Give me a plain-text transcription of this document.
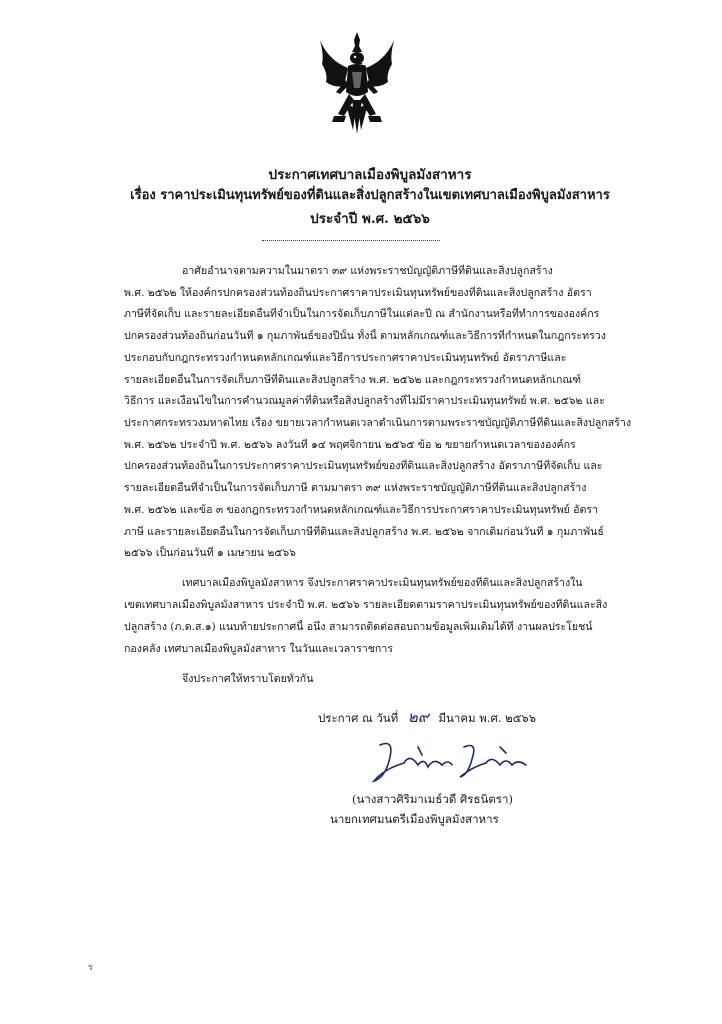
ประกาศเทศบาลเมืองพิบูลมังสาหาร
เรื่อง ราคาประเมินทุนทรัพย์ของที่ดินและสิ่งปลูกสร้างในเขตเทศบาลเมืองพิบูลมังสาหาร
ประจำปี พ.ศ. ๒๕๖๖
อาศัยอำนาจตามความในมาตรา ๓๙ แห่งพระราชบัญญัติภาษีที่ดินและสิ่งปลูกสร้าง
พ.ศ. ๒๕๖๒ ให้องค์กรปกครองส่วนท้องถิ่นประกาศราคาประเมินทุนทรัพย์ของที่ดินและสิ่งปลูกสร้าง อัตรา
ภาษีที่จัดเก็บ และรายละเอียดอื่นที่จำเป็นในการจัดเก็บภาษีในแต่ละปี ณ สำนักงานหรือที่ทำการขององค์กร
ปกครองส่วนท้องถิ่นก่อนวันที่ ๑ กุมภาพันธ์ของปีนั้น ทั้งนี้ ตามหลักเกณฑ์และวิธีการที่กำหนดในกฎกระทรวง
ประกอบกับกฎกระทรวงกำหนดหลักเกณฑ์และวิธีการประกาศราคาประเมินทุนทรัพย์ อัตราภาษีและ
รายละเอียดอื่นในการจัดเก็บภาษีที่ดินและสิ่งปลูกสร้าง พ.ศ. ๒๕๖๒ และกฎกระทรวงกำหนดหลักเกณฑ์
วิธีการ และเงื่อนไขในการคำนวณมูลค่าที่ดินหรือสิ่งปลูกสร้างที่ไม่มีราคาประเมินทุนทรัพย์ พ.ศ. ๒๕๖๒ และ
ประกาศกระทรวงมหาดไทย เรื่อง ขยายเวลากำหนดเวลาดำเนินการตามพระราชบัญญัติภาษีที่ดินและสิ่งปลูกสร้าง
พ.ศ. ๒๕๖๒ ประจำปี พ.ศ. ๒๕๖๖ ลงวันที่ ๑๔ พฤศจิกายน ๒๕๖๕ ข้อ ๒ ขยายกำหนดเวลาขององค์กร
ปกครองส่วนท้องถิ่นในการประกาศราคาประเมินทุนทรัพย์ของที่ดินและสิ่งปลูกสร้าง อัตราภาษีที่จัดเก็บ และ
รายละเอียดอื่นที่จำเป็นในการจัดเก็บภาษี ตามมาตรา ๓๙ แห่งพระราชบัญญัติภาษีที่ดินและสิ่งปลูกสร้าง
พ.ศ. ๒๕๖๒ และข้อ ๓ ของกฎกระทรวงกำหนดหลักเกณฑ์และวิธีการประกาศราคาประเมินทุนทรัพย์ อัตรา
ภาษี และรายละเอียดอื่นในการจัดเก็บภาษีที่ดินและสิ่งปลูกสร้าง พ.ศ. ๒๕๖๒ จากเดิมก่อนวันที่ ๑ กุมภาพันธ์
๒๕๖๖ เป็นก่อนวันที่ ๑ เมษายน ๒๕๖๖
เทศบาลเมืองพิบูลมังสาหาร จึงประกาศราคาประเมินทุนทรัพย์ของที่ดินและสิ่งปลูกสร้างใน
เขตเทศบาลเมืองพิบูลมังสาหาร ประจำปี พ.ศ. ๒๕๖๖ รายละเอียดตามราคาประเมินทุนทรัพย์ของที่ดินและสิ่ง
ปลูกสร้าง (ภ.ด.ส.๑) แนบท้ายประกาศนี้ อนึ่ง สามารถติดต่อสอบถามข้อมูลเพิ่มเติมได้ที่ งานผลประโยชน์
กองคลัง เทศบาลเมืองพิบูลมังสาหาร ในวันและเวลาราชการ
จึงประกาศให้ทราบโดยทั่วกัน
ประกาศ ณ วันที่ ๒๙ มีนาคม พ.ศ. ๒๕๖๖
(นางสาวศิริมาเมธ์วดี ศิรธนิตรา)
นายกเทศมนตรีเมืองพิบูลมังสาหาร
ร
